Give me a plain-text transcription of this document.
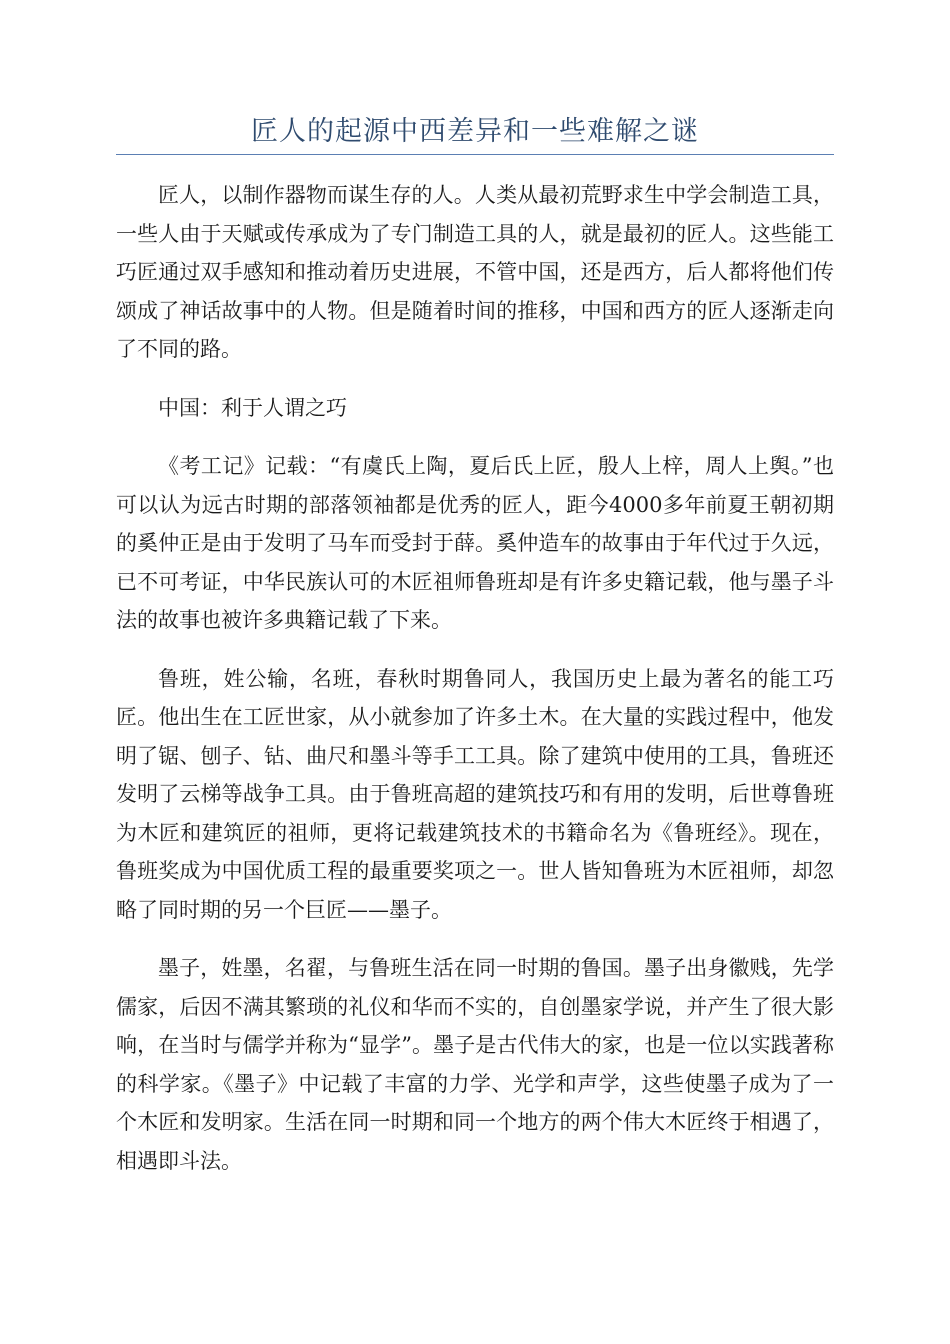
匠人的起源中西差异和一些难解之谜

匠人，以制作器物而谋生存的人。人类从最初荒野求生中学会制造工具，一些人由于天赋或传承成为了专门制造工具的人，就是最初的匠人。这些能工巧匠通过双手感知和推动着历史进展，不管中国，还是西方，后人都将他们传颂成了神话故事中的人物。但是随着时间的推移，中国和西方的匠人逐渐走向了不同的路。

中国：利于人谓之巧

《考工记》记载：“有虞氏上陶，夏后氏上匠，殷人上梓，周人上舆。”也可以认为远古时期的部落领袖都是优秀的匠人，距今4000多年前夏王朝初期的奚仲正是由于发明了马车而受封于薛。奚仲造车的故事由于年代过于久远，已不可考证，中华民族认可的木匠祖师鲁班却是有许多史籍记载，他与墨子斗法的故事也被许多典籍记载了下来。

鲁班，姓公输，名班，春秋时期鲁同人，我国历史上最为著名的能工巧匠。他出生在工匠世家，从小就参加了许多土木。在大量的实践过程中，他发明了锯、刨子、钻、曲尺和墨斗等手工工具。除了建筑中使用的工具，鲁班还发明了云梯等战争工具。由于鲁班高超的建筑技巧和有用的发明，后世尊鲁班为木匠和建筑匠的祖师，更将记载建筑技术的书籍命名为《鲁班经》。现在，鲁班奖成为中国优质工程的最重要奖项之一。世人皆知鲁班为木匠祖师，却忽略了同时期的另一个巨匠——墨子。

墨子，姓墨，名翟，与鲁班生活在同一时期的鲁国。墨子出身徽贱，先学儒家，后因不满其繁琐的礼仪和华而不实的，自创墨家学说，并产生了很大影响，在当时与儒学并称为“显学”。墨子是古代伟大的家，也是一位以实践著称的科学家。《墨子》中记载了丰富的力学、光学和声学，这些使墨子成为了一个木匠和发明家。生活在同一时期和同一个地方的两个伟大木匠终于相遇了，相遇即斗法。
